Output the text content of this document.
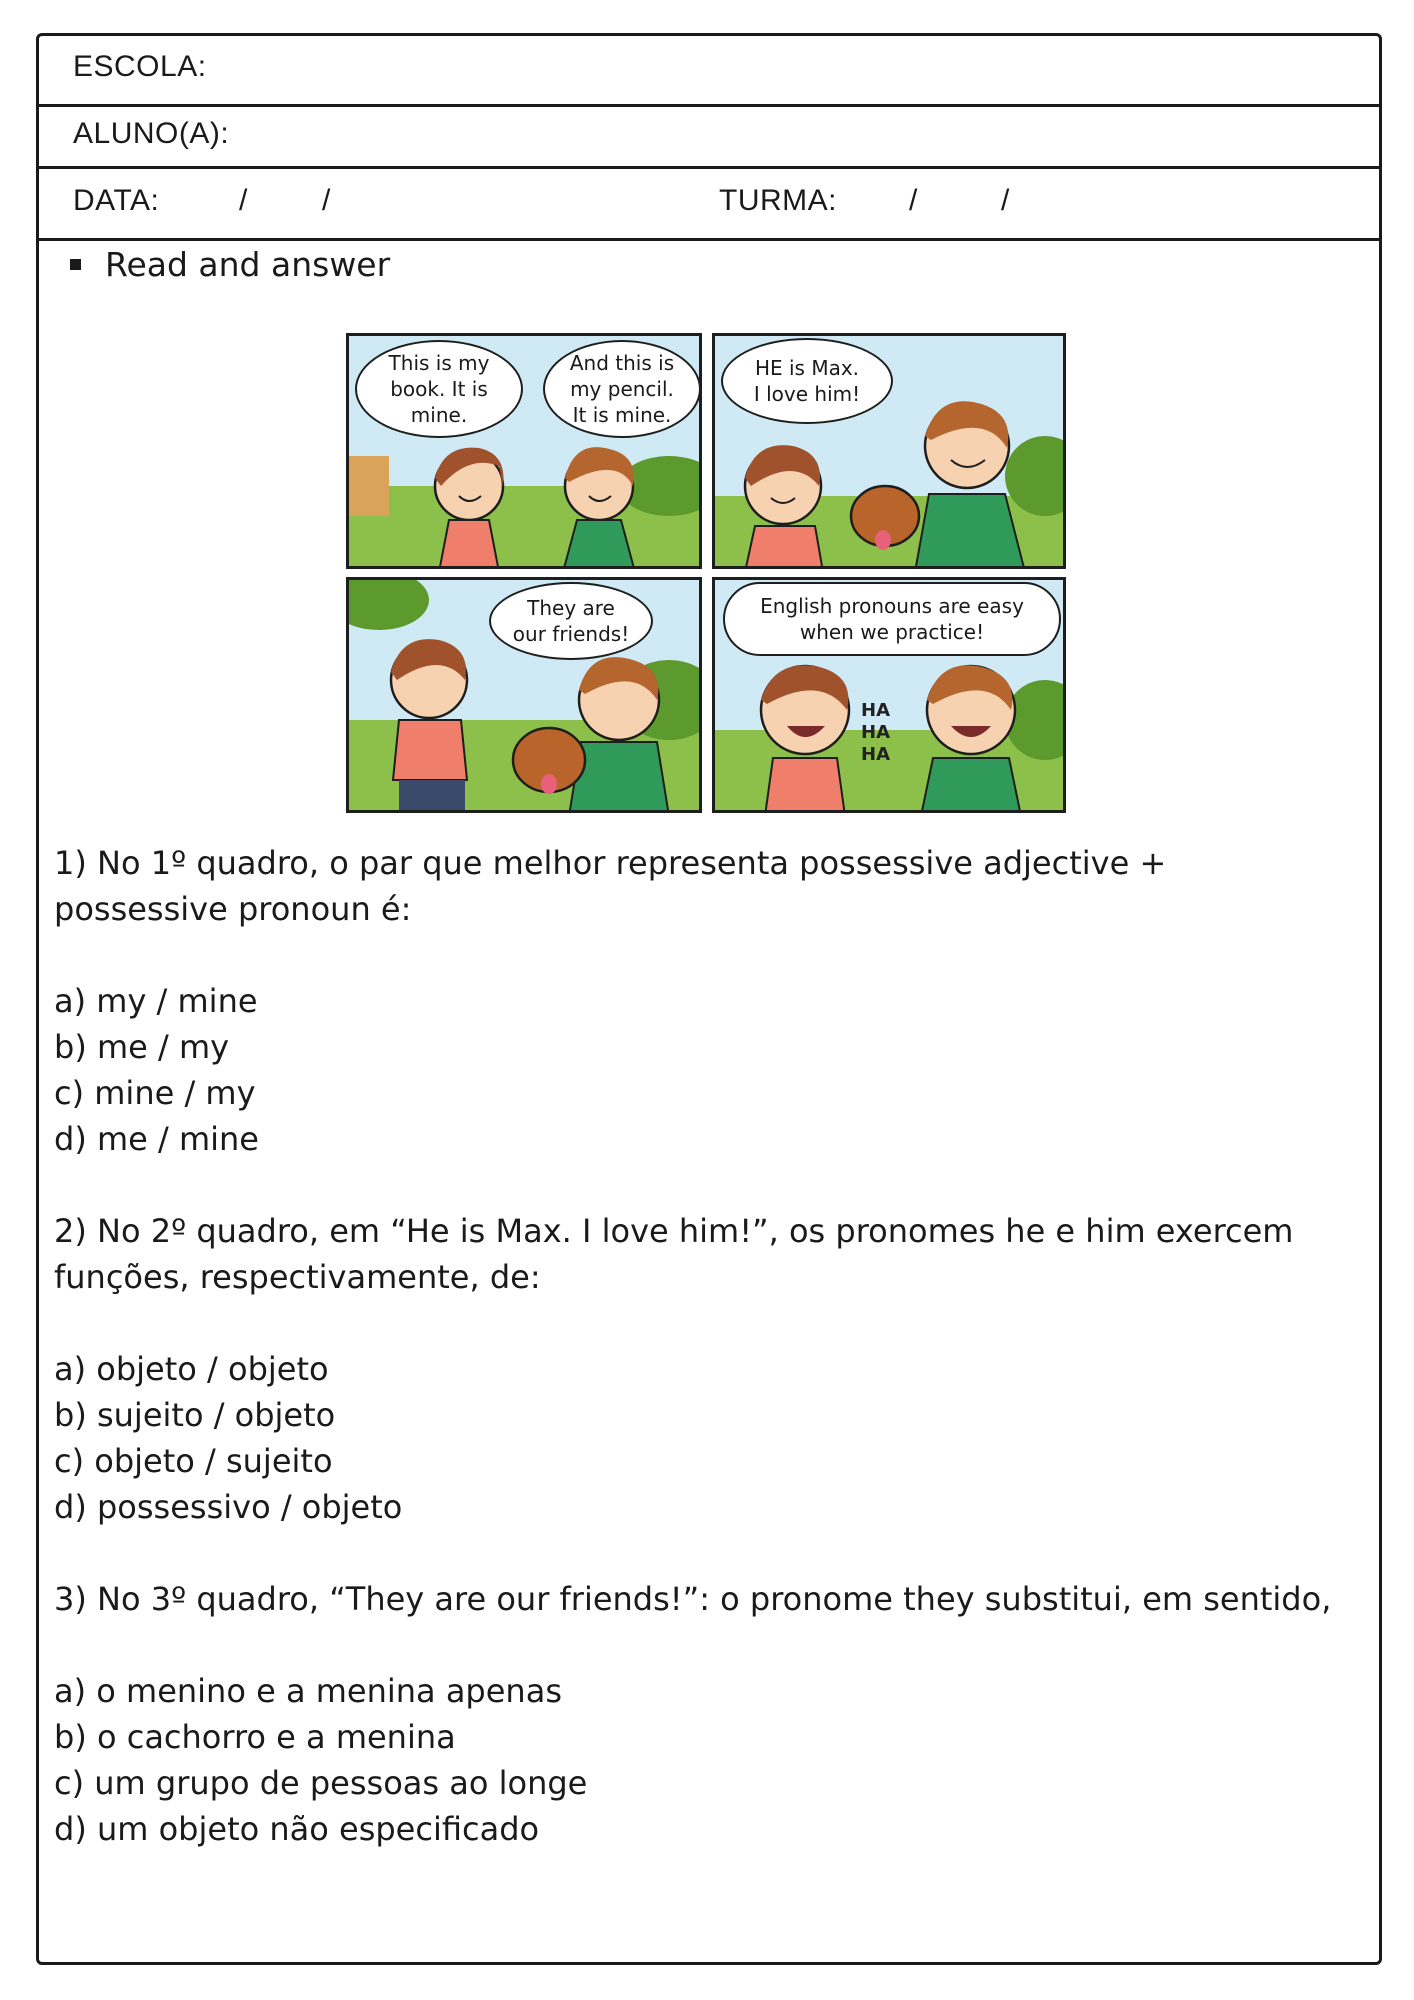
ESCOLA:
ALUNO(A):
DATA:	/ /	TURMA: /	/
Read and answer
This is my
book. It is
mine.
And this is
my pencil.
It is mine.
HE is Max.
I love him!
They are
our friends!
English pronouns are easy
when we practice!
HA
HA
HA

1) No 1º quadro, o par que melhor representa possessive adjective + possessive pronoun é:

a) my / mine

b) me / my

c) mine / my

d) me / mine

2) No 2º quadro, em “He is Max. I love him!”, os pronomes he e him exercem funções, respectivamente, de:

a) objeto / objeto

b) sujeito / objeto

c) objeto / sujeito

d) possessivo / objeto

3) No 3º quadro, “They are our friends!”: o pronome they substitui, em sentido,

a) o menino e a menina apenas

b) o cachorro e a menina

c) um grupo de pessoas ao longe

d) um objeto não especificado
